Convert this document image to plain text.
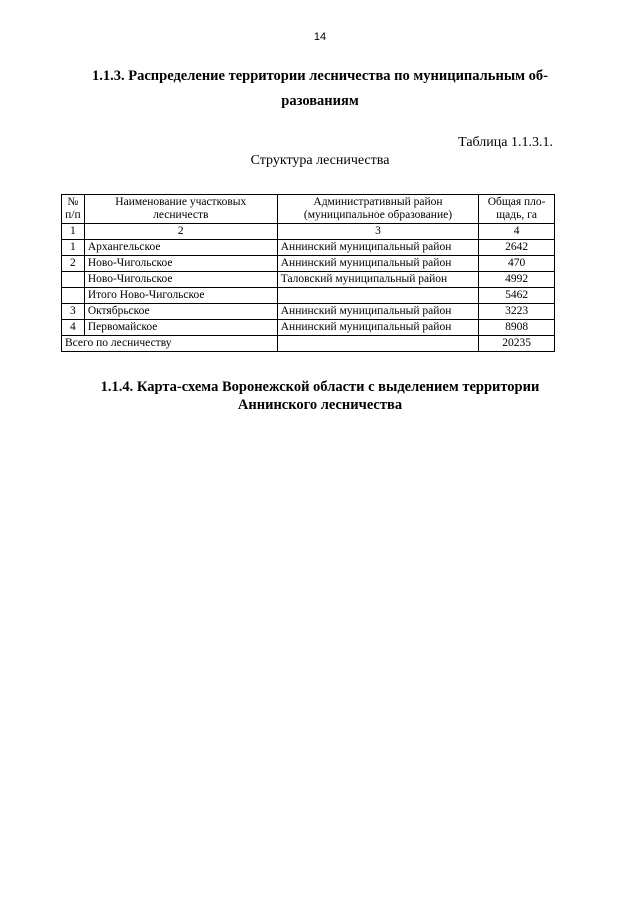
14
1.1.3. Распределение территории лесничества по муниципальным об-
разованиям
Таблица 1.1.3.1.
Структура лесничества
№ п/п	Наименование участковых лесничеств	Административный район (муниципальное образование)	Общая пло-щадь, га
1	2	3	4
1	Архангельское	Аннинский муниципальный район	2642
2	Ново-Чигольское	Аннинский муниципальный район	470
	Ново-Чигольское	Таловский муниципальный район	4992
	Итого Ново-Чигольское		5462
3	Октябрьское	Аннинский муниципальный район	3223
4	Первомайское	Аннинский муниципальный район	8908
Всего по лесничеству			20235
1.1.4. Карта-схема Воронежской области с выделением территории
Аннинского лесничества
